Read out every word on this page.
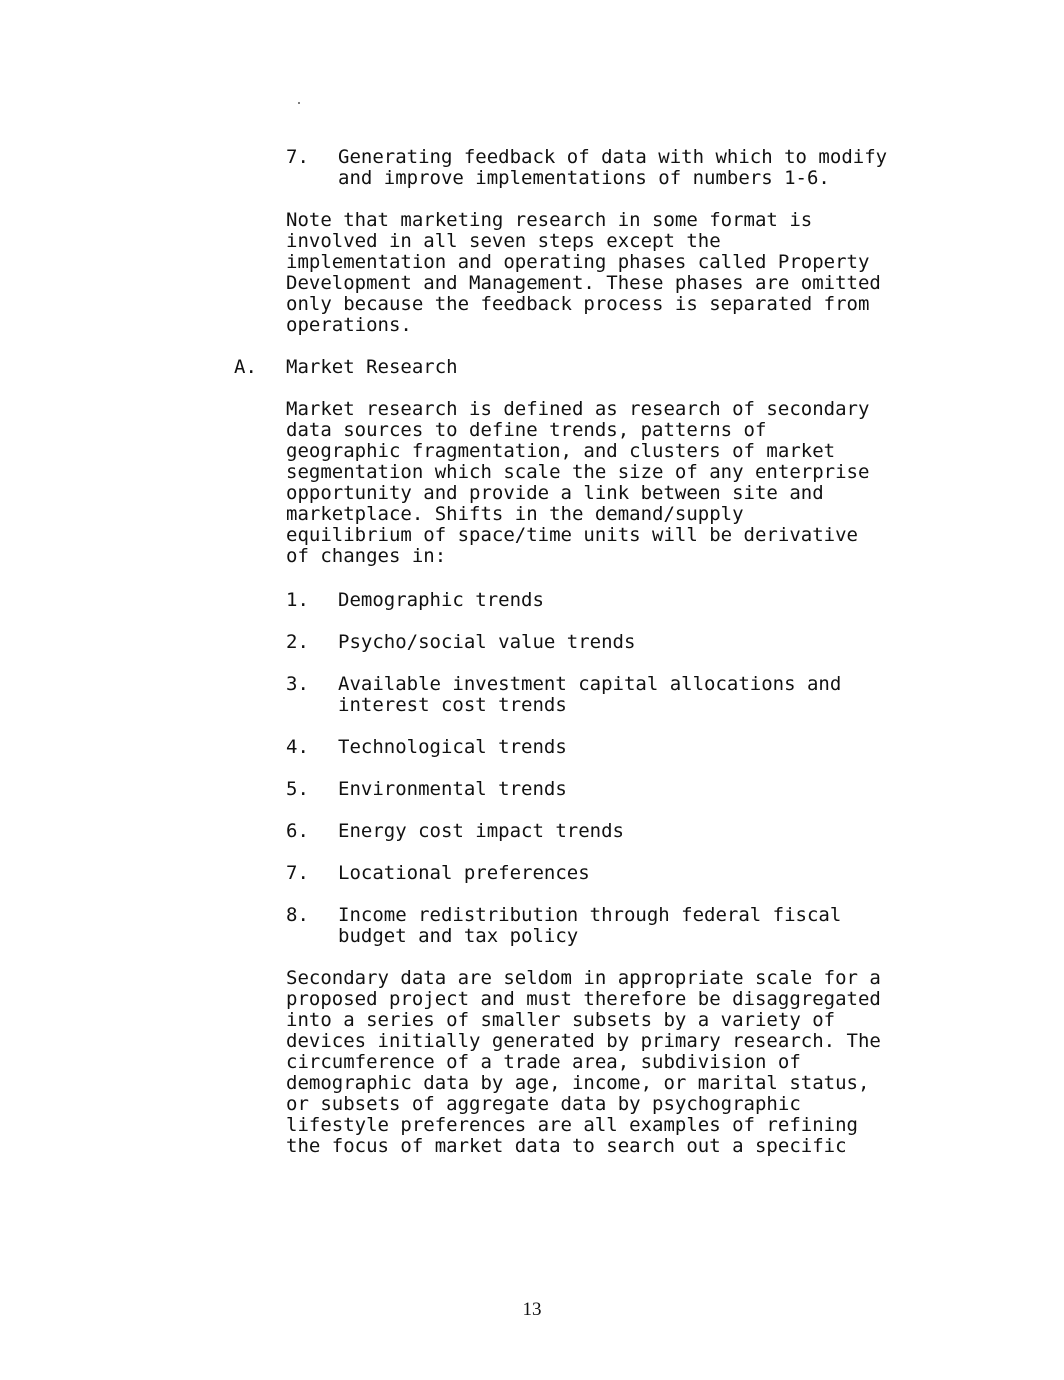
7. Generating feedback of data with which to modify
and improve implementations of numbers 1-6.
Note that marketing research in some format is
involved in all seven steps except the
implementation and operating phases called Property
Development and Management. These phases are omitted
only because the feedback process is separated from
operations.
A. Market Research
Market research is defined as research of secondary
data sources to define trends, patterns of
geographic fragmentation, and clusters of market
segmentation which scale the size of any enterprise
opportunity and provide a link between site and
marketplace. Shifts in the demand/supply
equilibrium of space/time units will be derivative
of changes in:
1. Demographic trends
2. Psycho/social value trends
3. Available investment capital allocations and
interest cost trends
4. Technological trends
5. Environmental trends
6. Energy cost impact trends
7. Locational preferences
8. Income redistribution through federal fiscal
budget and tax policy
Secondary data are seldom in appropriate scale for a
proposed project and must therefore be disaggregated
into a series of smaller subsets by a variety of
devices initially generated by primary research. The
circumference of a trade area, subdivision of
demographic data by age, income, or marital status,
or subsets of aggregate data by psychographic
lifestyle preferences are all examples of refining
the focus of market data to search out a specific
13
